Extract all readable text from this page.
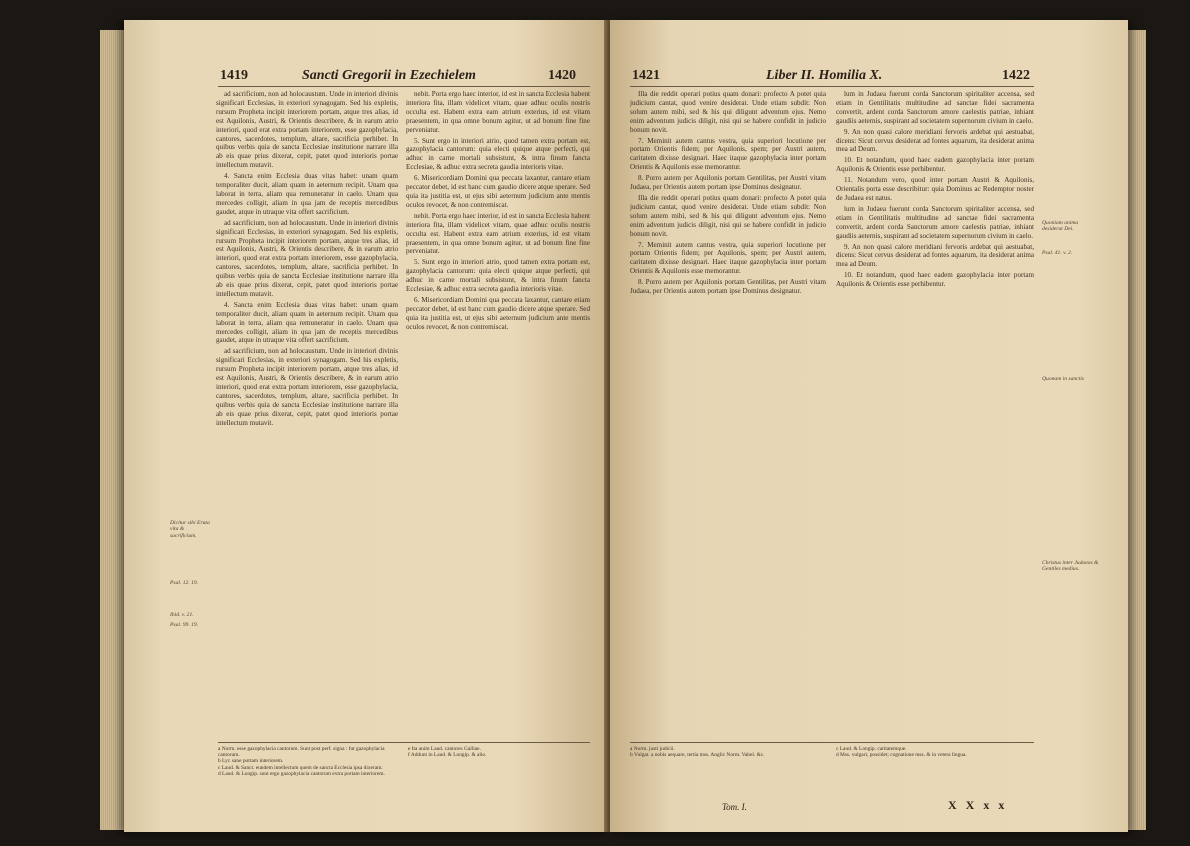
1419	Sancti Gregorii in Ezechielem	1420

ad sacrificium, non ad holocaustum. Unde in interiori divinis significari Ecclesias, in exteriori synagogam. Sed his expletis, rursum Propheta incipit interiorem portam, atque tres alias, id est Aquilonis, Austri, & Orientis describere, & in earum atrio interiori, quod erat extra portam interiorem, esse gazophylacia, cantores, sacerdotes, templum, altare, sacrificia perhibet. In quibus verbis quia de sancta Ecclesiae institutione narrare illa ab eis quae prius dixerat, cepit, patet quod interioris portae intellectum mutavit.

4. Sancta enim Ecclesia duas vitas habet: unam quam temporaliter ducit, aliam quam in aeternum recipit. Unam qua laborat in terra, aliam qua remuneratur in caelo. Unam qua mercedes colligit, aliam in qua jam de receptis mercedibus gaudet, atque in utraque vita offert sacrificium.

ad sacrificium, non ad holocaustum. Unde in interiori divinis significari Ecclesias, in exteriori synagogam. Sed his expletis, rursum Propheta incipit interiorem portam, atque tres alias, id est Aquilonis, Austri, & Orientis describere, & in earum atrio interiori, quod erat extra portam interiorem, esse gazophylacia, cantores, sacerdotes, templum, altare, sacrificia perhibet. In quibus verbis quia de sancta Ecclesiae institutione narrare illa ab eis quae prius dixerat, cepit, patet quod interioris portae intellectum mutavit.

4. Sancta enim Ecclesia duas vitas habet: unam quam temporaliter ducit, aliam quam in aeternum recipit. Unam qua laborat in terra, aliam qua remuneratur in caelo. Unam qua mercedes colligit, aliam in qua jam de receptis mercedibus gaudet, atque in utraque vita offert sacrificium.

ad sacrificium, non ad holocaustum. Unde in interiori divinis significari Ecclesias, in exteriori synagogam. Sed his expletis, rursum Propheta incipit interiorem portam, atque tres alias, id est Aquilonis, Austri, & Orientis describere, & in earum atrio interiori, quod erat extra portam interiorem, esse gazophylacia, cantores, sacerdotes, templum, altare, sacrificia perhibet. In quibus verbis quia de sancta Ecclesiae institutione narrare illa ab eis quae prius dixerat, cepit, patet quod interioris portae intellectum mutavit.

nebit. Porta ergo haec interior, id est in sancta Ecclesia habent interiora fita, illam videlicet vitam, quae adhuc oculis nostris occulta est. Habent extra eam atrium exterius, id est vitam praesentem, in qua omne bonum agitur, ut ad bonum fine fine perveniatur.

5. Sunt ergo in interiori atrio, quod tamen extra portam est, gazophylacia cantorum: quia electi quique atque perfecti, qui adhuc in carne mortali subsistunt, & intra finum fancta Ecclesiae, & adhuc extra secreta gaudia interioris vitae.

6. Misericordiam Domini qua peccata laxantur, cantare etiam peccator debet, id est hanc cum gaudio dicere atque sperare. Sed quia ita justitia est, ut ejus sibi aeternum judicium ante mentis oculos revocet, & non contremiscat.

nebit. Porta ergo haec interior, id est in sancta Ecclesia habent interiora fita, illam videlicet vitam, quae adhuc oculis nostris occulta est. Habent extra eam atrium exterius, id est vitam praesentem, in qua omne bonum agitur, ut ad bonum fine fine perveniatur.

5. Sunt ergo in interiori atrio, quod tamen extra portam est, gazophylacia cantorum: quia electi quique atque perfecti, qui adhuc in carne mortali subsistunt, & intra finum fancta Ecclesiae, & adhuc extra secreta gaudia interioris vitae.

6. Misericordiam Domini qua peccata laxantur, cantare etiam peccator debet, id est hanc cum gaudio dicere atque sperare. Sed quia ita justitia est, ut ejus sibi aeternum judicium ante mentis oculos revocet, & non contremiscat.

Dicitur sibi Eruta vita & sacrificium.
Psal. 12. 19.
Ibid. v. 21.
Psal. 99. 19.
a Norm. esse gazophylacia cantorum. Sunt post perf. signa : fut gazophylacia cantorum.
b Lyr. sane portam interiorem.
c Laud. & Sanct. eundem intellectum quem de sancta Ecclesia ipsa dixeram.
d Laud. & Longip. sunt ergo gazophylacia cantorum extra portam interiorem.
e Ita anim Laud. cantores Galliae.
f Addunt in Laud. & Longip. & alio.
1421	Liber II. Homilia X.	1422

Illa die reddit operari potius quam donari: profecto A potet quia judicium cantat, quod venire desiderat. Unde etiam subdit: Non solum autem mihi, sed & his qui diligunt adventum ejus. Nemo enim adventum judicis diligit, nisi qui se habere confidit in judicio bonum novit.

7. Meminit autem cantus vestra, quia superiori locutione per portam Orientis fidem; per Aquilonis, spem; per Austri autem, caritatem dixisse designari. Haec itaque gazophylacia inter portam Orientis & Aquilonis esse memorantur.

8. Porro autem per Aquilonis portam Gentilitas, per Austri vitam Judaea, per Orientis autem portam ipse Dominus designatur.

Illa die reddit operari potius quam donari: profecto A potet quia judicium cantat, quod venire desiderat. Unde etiam subdit: Non solum autem mihi, sed & his qui diligunt adventum ejus. Nemo enim adventum judicis diligit, nisi qui se habere confidit in judicio bonum novit.

7. Meminit autem cantus vestra, quia superiori locutione per portam Orientis fidem; per Aquilonis, spem; per Austri autem, caritatem dixisse designari. Haec itaque gazophylacia inter portam Orientis & Aquilonis esse memorantur.

8. Porro autem per Aquilonis portam Gentilitas, per Austri vitam Judaea, per Orientis autem portam ipse Dominus designatur.

lum in Judaea fuerunt corda Sanctorum spiritaliter accensa, sed etiam in Gentilitatis multitudine ad sanctae fidei sacramenta convertit, ardent corda Sanctorum amore caelestis patriae, inhiant gaudiis aeternis, suspirant ad societatem supernorum civium in caelo.

9. An non quasi calore meridiani fervoris ardebat qui aestuabat, dicens: Sicut cervus desiderat ad fontes aquarum, ita desiderat anima mea ad Deum.

10. Et notandum, quod haec eadem gazophylacia inter portam Aquilonis & Orientis esse perhibentur.

11. Notandum vero, quod inter portam Austri & Aquilonis, Orientalis porta esse describitur: quia Dominus ac Redemptor noster de Judaea est natus.

lum in Judaea fuerunt corda Sanctorum spiritaliter accensa, sed etiam in Gentilitatis multitudine ad sanctae fidei sacramenta convertit, ardent corda Sanctorum amore caelestis patriae, inhiant gaudiis aeternis, suspirant ad societatem supernorum civium in caelo.

9. An non quasi calore meridiani fervoris ardebat qui aestuabat, dicens: Sicut cervus desiderat ad fontes aquarum, ita desiderat anima mea ad Deum.

10. Et notandum, quod haec eadem gazophylacia inter portam Aquilonis & Orientis esse perhibentur.

Quoniam anima desiderat Dei.
Psal. 41. v. 2.
Quonam in sanctis
Christus inter Judaeos & Gentiles medius.
a Norm. justi judicii.
b Vulgat. a nobis aequare, tertia mss. Anglic Norm. Vabel. &c.
c Laud. & Longip. caritatemque.
d Mss. vulgari, possidet; cognatione mss. & in vetera lingua.
Tom. I.	X X x x
